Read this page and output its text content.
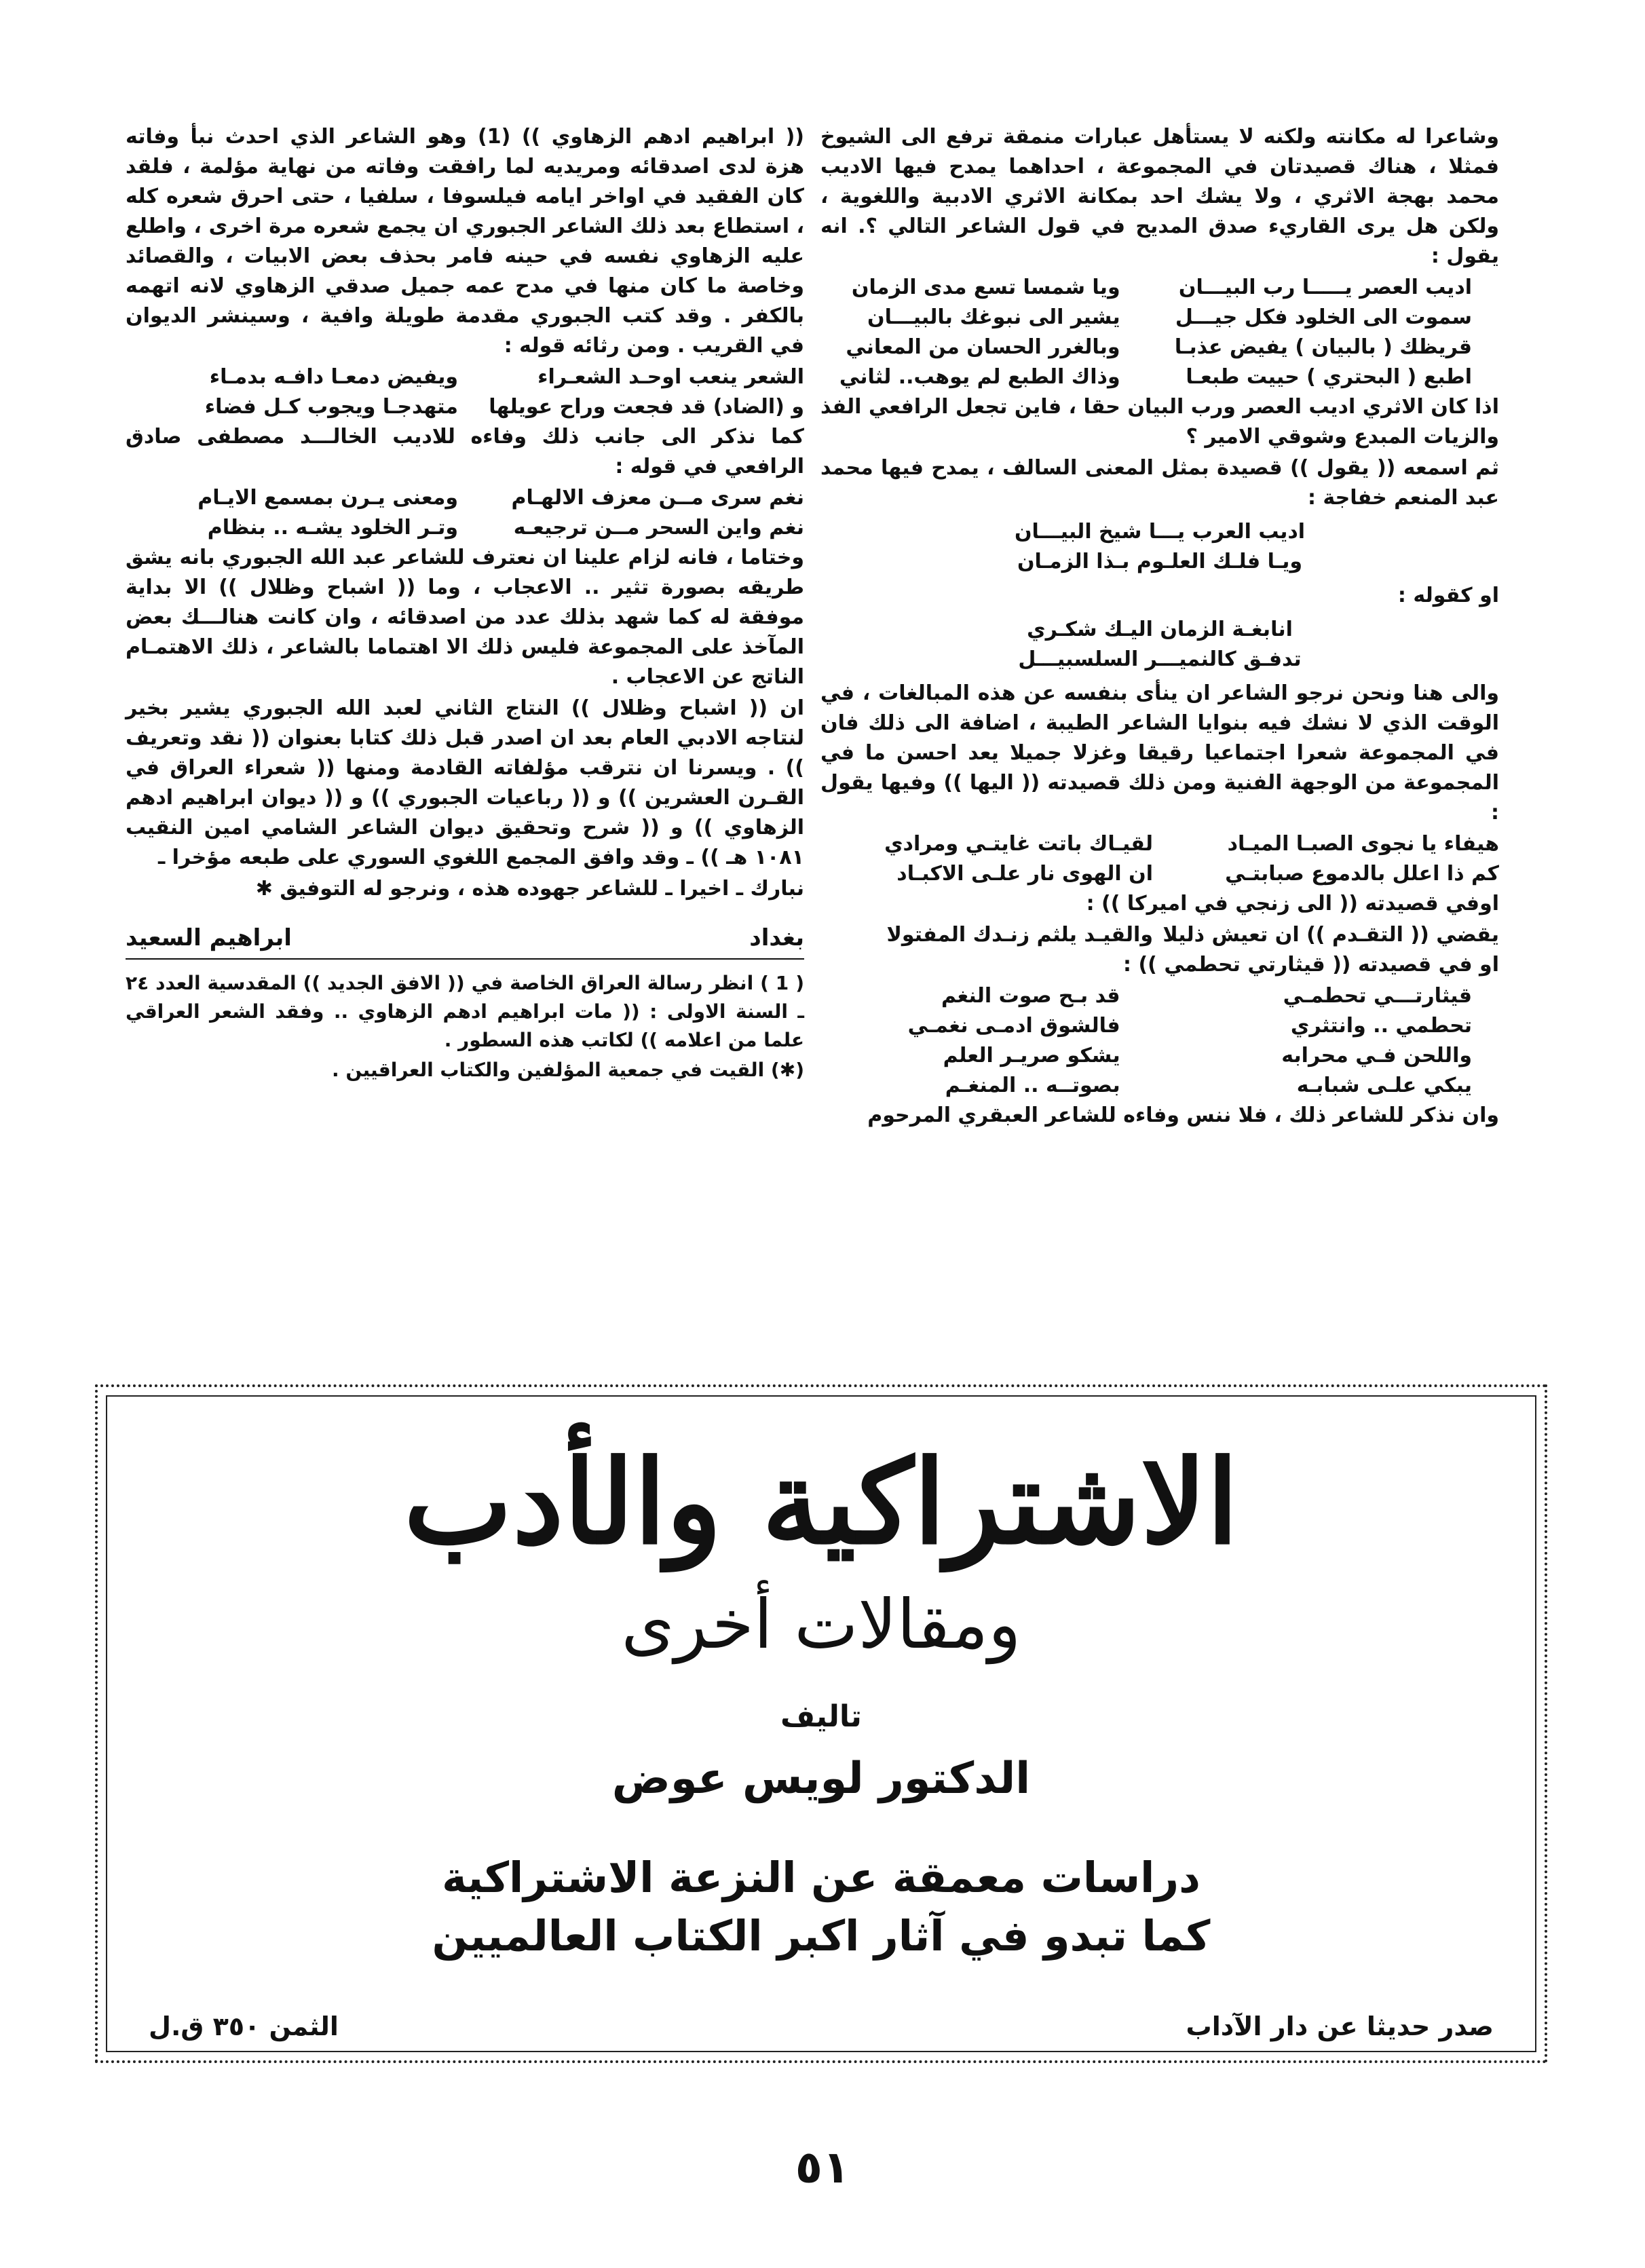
وشاعرا له مكانته ولكنه لا يستأهل عبارات منمقة ترفع الى الشيوخ فمثلا ، هناك قصيدتان في المجموعة ، احداهما يمدح فيها الاديب محمد بهجة الاثري ، ولا يشك احد بمكانة الاثري الادبية واللغوية ، ولكن هل يرى القاريء صدق المديح في قول الشاعر التالي ؟. انه يقول :

اديب العصر يـــــا رب البيـــان
ويا شمسا تسع مدى الزمان
سموت الى الخلود فكل جيـــل
يشير الى نبوغك بالبيـــان
قريظك ( بالبيان ) يفيض عذبـا
وبالغرر الحسان من المعاني
اطبع ( البحتري ) حييت طبعـا
وذاك الطبع لم يوهب.. لثاني

اذا كان الاثري اديب العصر ورب البيان حقا ، فاين تجعل الرافعي الفذ والزيات المبدع وشوقي الامير ؟

ثم اسمعه (( يقول )) قصيدة بمثل المعنى السالف ، يمدح فيها محمد عبد المنعم خفاجة :

اديب العرب يـــا شيخ البيـــان
ويـا فلـك العلـوم بـذا الزمـان

او كقوله :

انابغـة الزمان اليـك شكـري
تدفـق كالنميـــر السلسبيـــل

والى هنا ونحن نرجو الشاعر ان ينأى بنفسه عن هذه المبالغات ، في الوقت الذي لا نشك فيه بنوايا الشاعر الطيبة ، اضافة الى ذلك فان في المجموعة شعرا اجتماعيا رقيقا وغزلا جميلا يعد احسن ما في المجموعة من الوجهة الفنية ومن ذلك قصيدته (( اليها )) وفيها يقول :

هيفاء يا نجوى الصبـا الميـاد
لقيـاك باتت غايتـي ومرادي
كم ذا اعلل بالدموع صبابتـي
ان الهوى نار علـى الاكبـاد

اوفي قصيدته (( الى زنجي في اميركا )) :

يقضي (( التقـدم )) ان تعيش ذليلا
والقيـد يلثم زنـدك المفتولا

او في قصيدته (( قيثارتي تحطمي )) :

قيثارتـــي تحطمـي
قد بـح صوت النغم
تحطمي .. وانتثري
فالشوق ادمـى نغمـي
واللحن فـي محرابه
يشكو صريـر العلم
يبكي علـى شبابـه
بصوتــه .. المنغـم

وان نذكر للشاعر ذلك ، فلا ننس وفاءه للشاعر العبقري المرحوم

(( ابراهيم ادهم الزهاوي )) (1) وهو الشاعر الذي احدث نبأ وفاته هزة لدى اصدقائه ومريديه لما رافقت وفاته من نهاية مؤلمة ، فلقد كان الفقيد في اواخر ايامه فيلسوفا ، سلفيا ، حتى احرق شعره كله ، استطاع بعد ذلك الشاعر الجبوري ان يجمع شعره مرة اخرى ، واطلع عليه الزهاوي نفسه في حينه فامر بحذف بعض الابيات ، والقصائد وخاصة ما كان منها في مدح عمه جميل صدقي الزهاوي لانه اتهمه بالكفر . وقد كتب الجبوري مقدمة طويلة وافية ، وسينشر الديوان في القريب . ومن رثائه قوله :

الشعر ينعب اوحـد الشعـراء
ويفيض دمعـا دافـه بدمـاء
و (الضاد) قد فجعت وراح عويلها
متهدجـا ويجوب كـل فضاء

كما نذكر الى جانب ذلك وفاءه للاديب الخالـــد مصطفى صادق الرافعي في قوله :

نغم سرى مــن معزف الالهـام
ومعنى يـرن بمسمع الايـام
نغم واين السحر مــن ترجيعـه
وتـر الخلود يشـه .. بنظام

وختاما ، فانه لزام علينا ان نعترف للشاعر عبد الله الجبوري بانه يشق طريقه بصورة تثير .. الاعجاب ، وما (( اشباح وظلال )) الا بداية موفقة له كما شهد بذلك عدد من اصدقائه ، وان كانت هنالـــك بعض المآخذ على المجموعة فليس ذلك الا اهتماما بالشاعر ، ذلك الاهتمـام الناتج عن الاعجاب .

ان (( اشباح وظلال )) النتاج الثاني لعبد الله الجبوري يشير بخير لنتاجه الادبي العام بعد ان اصدر قبل ذلك كتابا بعنوان (( نقد وتعريف )) . ويسرنا ان نترقب مؤلفاته القادمة ومنها (( شعراء العراق في القـرن العشرين )) و (( رباعيات الجبوري )) و (( ديوان ابراهيم ادهم الزهاوي )) و (( شرح وتحقيق ديوان الشاعر الشامي امين النقيب ١٠٨١ هـ )) ـ وقد وافق المجمع اللغوي السوري على طبعه مؤخرا ـ

نبارك ـ اخيرا ـ للشاعر جهوده هذه ، ونرجو له التوفيق ✱

بغداد
ابراهيم السعيد

( 1 ) انظر رسالة العراق الخاصة في (( الافق الجديد )) المقدسية العدد ٢٤ ـ السنة الاولى : (( مات ابراهيم ادهم الزهاوي .. وفقد الشعر العراقي علما من اعلامه )) لكاتب هذه السطور .

(✱) القيت في جمعية المؤلفين والكتاب العراقيين .

الاشتراكية والأدب
ومقالات أخرى
تاليف
الدكتور لويس عوض
دراسات معمقة عن النزعة الاشتراكية
كما تبدو في آثار اكبر الكتاب العالميين
صدر حديثا عن دار الآداب
الثمن ٣٥٠ ق.ل
٥١
